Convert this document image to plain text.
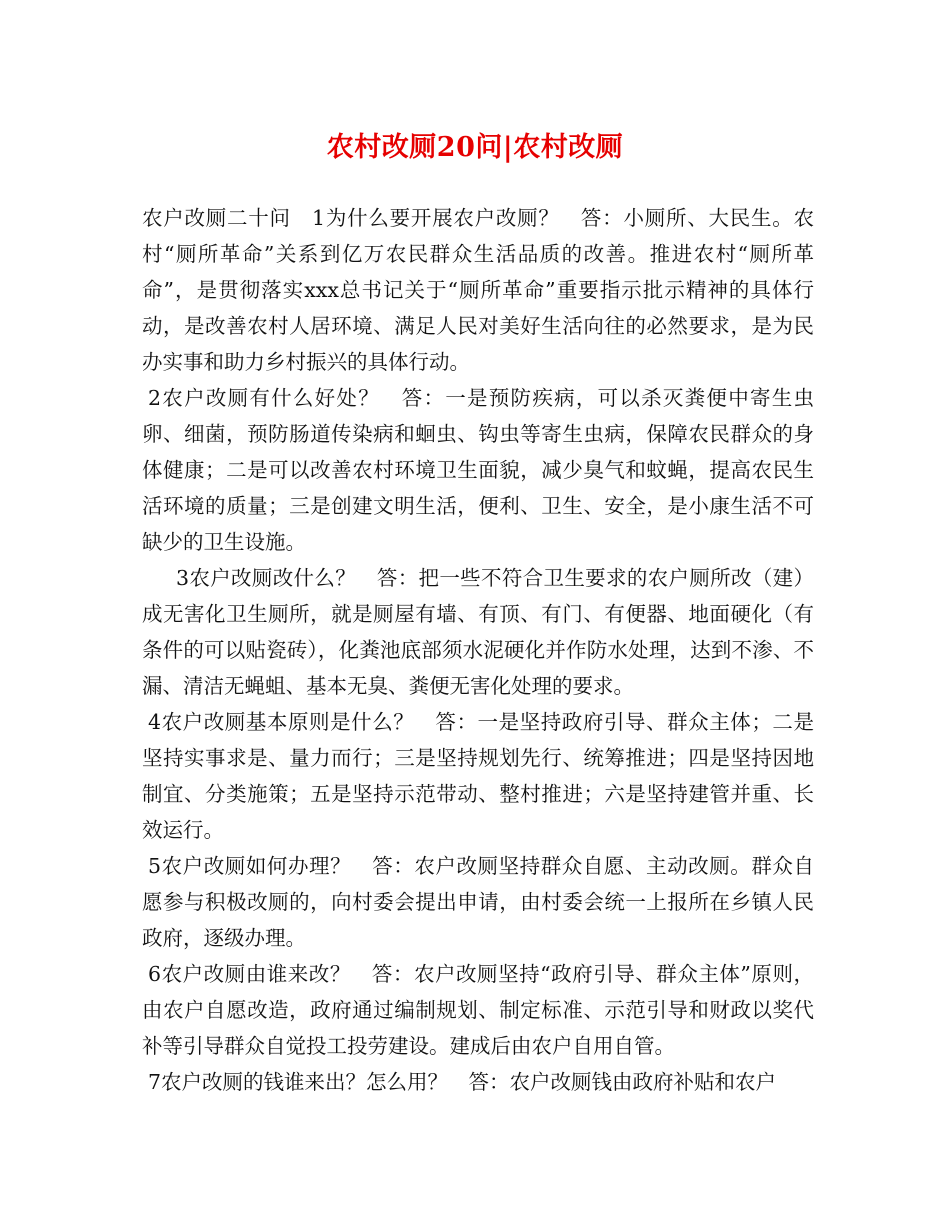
农村改厕20问|农村改厕

农户改厕二十问　1为什么要开展农户改厕？　答：小厕所、大民生。农村“厕所革命”关系到亿万农民群众生活品质的改善。推进农村“厕所革命”，是贯彻落实xxx总书记关于“厕所革命”重要指示批示精神的具体行动，是改善农村人居环境、满足人民对美好生活向往的必然要求，是为民办实事和助力乡村振兴的具体行动。

2农户改厕有什么好处？　答：一是预防疾病，可以杀灭粪便中寄生虫卵、细菌，预防肠道传染病和蛔虫、钩虫等寄生虫病，保障农民群众的身体健康；二是可以改善农村环境卫生面貌，减少臭气和蚊蝇，提高农民生活环境的质量；三是创建文明生活，便利、卫生、安全，是小康生活不可缺少的卫生设施。

3农户改厕改什么？　答：把一些不符合卫生要求的农户厕所改（建）成无害化卫生厕所，就是厕屋有墙、有顶、有门、有便器、地面硬化（有条件的可以贴瓷砖），化粪池底部须水泥硬化并作防水处理，达到不渗、不漏、清洁无蝇蛆、基本无臭、粪便无害化处理的要求。

4农户改厕基本原则是什么？　答：一是坚持政府引导、群众主体；二是坚持实事求是、量力而行；三是坚持规划先行、统筹推进；四是坚持因地制宜、分类施策；五是坚持示范带动、整村推进；六是坚持建管并重、长效运行。

5农户改厕如何办理？　答：农户改厕坚持群众自愿、主动改厕。群众自愿参与积极改厕的，向村委会提出申请，由村委会统一上报所在乡镇人民政府，逐级办理。

6农户改厕由谁来改？　答：农户改厕坚持“政府引导、群众主体”原则，由农户自愿改造，政府通过编制规划、制定标准、示范引导和财政以奖代补等引导群众自觉投工投劳建设。建成后由农户自用自管。

7农户改厕的钱谁来出？怎么用？　答：农户改厕钱由政府补贴和农户
